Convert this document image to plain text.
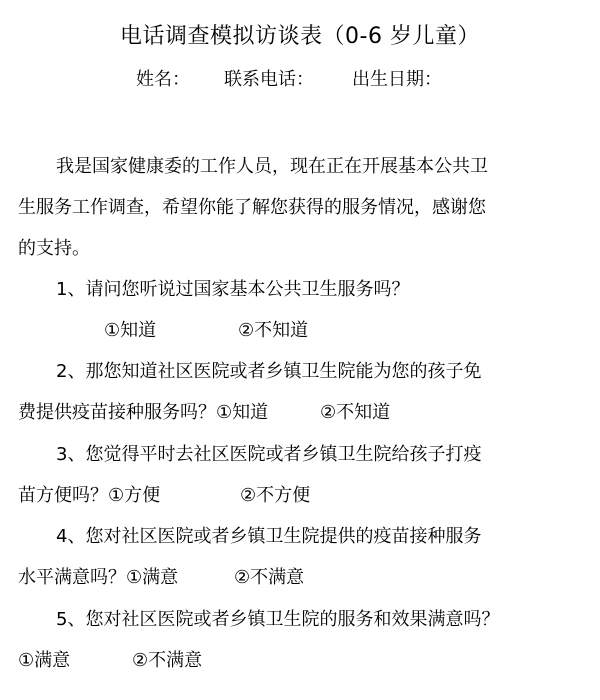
电话调查模拟访谈表（0-6 岁儿童）
姓名： 联系电话： 出生日期：

我是国家健康委的工作人员，现在正在开展基本公共卫

生服务工作调查，希望你能了解您获得的服务情况，感谢您

的支持。

1、请问您听说过国家基本公共卫生服务吗？

①知道	②不知道

2、那您知道社区医院或者乡镇卫生院能为您的孩子免

费提供疫苗接种服务吗？①知道	②不知道

3、您觉得平时去社区医院或者乡镇卫生院给孩子打疫

苗方便吗？①方便	②不方便

4、您对社区医院或者乡镇卫生院提供的疫苗接种服务

水平满意吗？①满意	②不满意

5、您对社区医院或者乡镇卫生院的服务和效果满意吗？

①满意	②不满意
